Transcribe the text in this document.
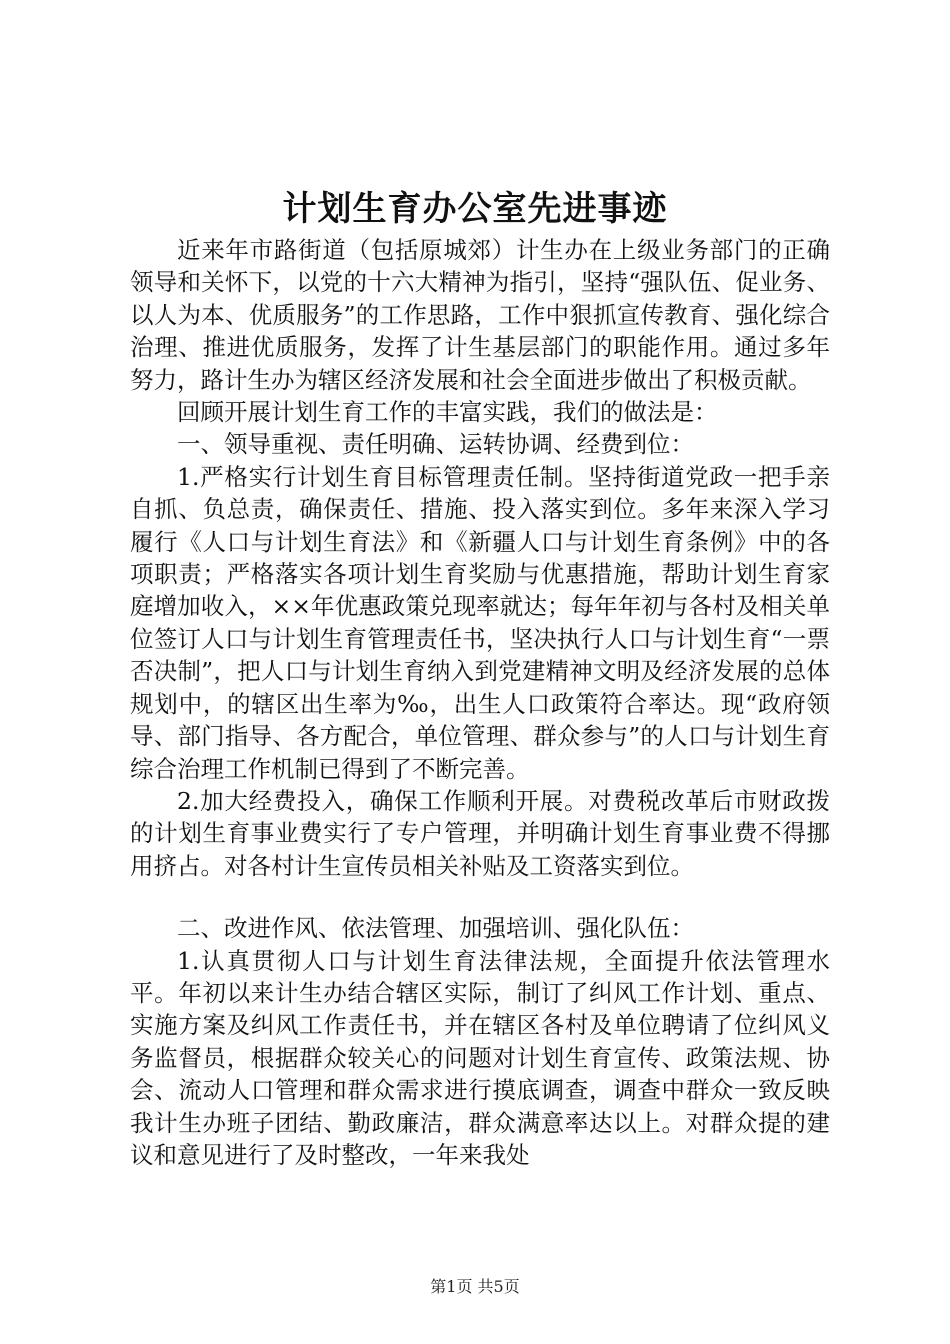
计划生育办公室先进事迹

近来年市路街道（包括原城郊）计生办在上级业务部门的正确领导和关怀下，以党的十六大精神为指引，坚持“强队伍、促业务、以人为本、优质服务”的工作思路，工作中狠抓宣传教育、强化综合治理、推进优质服务，发挥了计生基层部门的职能作用。通过多年努力，路计生办为辖区经济发展和社会全面进步做出了积极贡献。

回顾开展计划生育工作的丰富实践，我们的做法是：

一、领导重视、责任明确、运转协调、经费到位：

1.严格实行计划生育目标管理责任制。坚持街道党政一把手亲自抓、负总责，确保责任、措施、投入落实到位。多年来深入学习履行《人口与计划生育法》和《新疆人口与计划生育条例》中的各项职责；严格落实各项计划生育奖励与优惠措施，帮助计划生育家庭增加收入，××年优惠政策兑现率就达；每年年初与各村及相关单位签订人口与计划生育管理责任书，坚决执行人口与计划生育“一票否决制”，把人口与计划生育纳入到党建精神文明及经济发展的总体规划中，的辖区出生率为‰，出生人口政策符合率达。现“政府领导、部门指导、各方配合，单位管理、群众参与”的人口与计划生育综合治理工作机制已得到了不断完善。

2.加大经费投入，确保工作顺利开展。对费税改革后市财政拨的计划生育事业费实行了专户管理，并明确计划生育事业费不得挪用挤占。对各村计生宣传员相关补贴及工资落实到位。

二、改进作风、依法管理、加强培训、强化队伍：

1.认真贯彻人口与计划生育法律法规，全面提升依法管理水平。年初以来计生办结合辖区实际，制订了纠风工作计划、重点、实施方案及纠风工作责任书，并在辖区各村及单位聘请了位纠风义务监督员，根据群众较关心的问题对计划生育宣传、政策法规、协会、流动人口管理和群众需求进行摸底调查，调查中群众一致反映我计生办班子团结、勤政廉洁，群众满意率达以上。对群众提的建议和意见进行了及时整改，一年来我处

第1页 共5页
